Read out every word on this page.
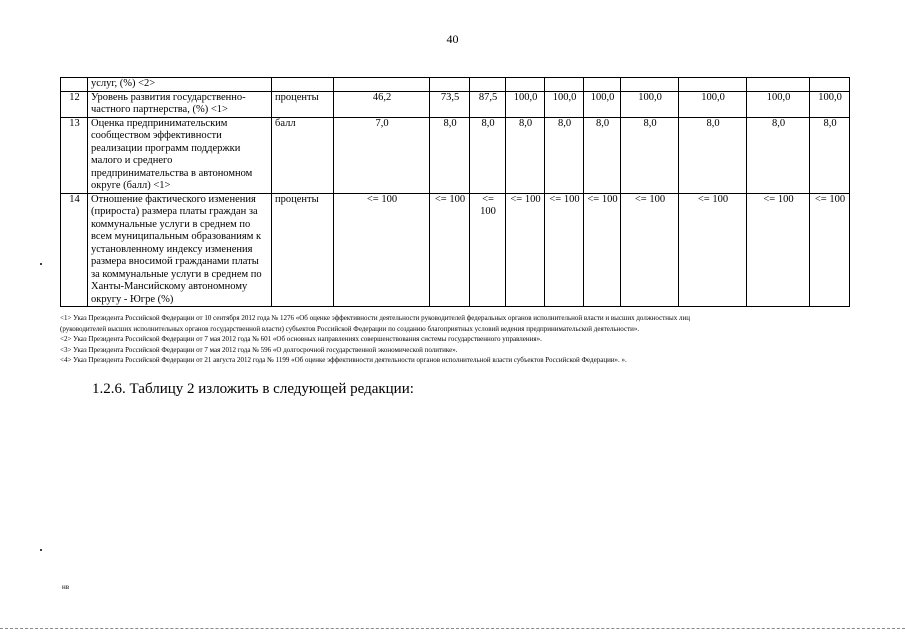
40
	услуг, (%) <2>											
12	Уровень развития государственно-частного партнерства, (%) <1>	проценты	46,2	73,5	87,5	100,0	100,0	100,0	100,0	100,0	100,0	100,0
13	Оценка предпринимательским сообществом эффективности реализации программ поддержки малого и среднего предпринимательства в автономном округе (балл) <1>	балл	7,0	8,0	8,0	8,0	8,0	8,0	8,0	8,0	8,0	8,0
14	Отношение фактического изменения (прироста) размера платы граждан за коммунальные услуги в среднем по всем муниципальным образованиям к установленному индексу изменения размера вносимой гражданами платы за коммунальные услуги в среднем по Ханты-Мансийскому автономному округу - Югре (%)	проценты	<= 100	<= 100	<= 100	<= 100	<= 100	<= 100	<= 100	<= 100	<= 100	<= 100
<1> Указ Президента Российской Федерации от 10 сентября 2012 года № 1276 «Об оценке эффективности деятельности руководителей федеральных органов исполнительной власти и высших должностных лиц
(руководителей высших исполнительных органов государственной власти) субъектов Российской Федерации по созданию благоприятных условий ведения предпринимательской деятельности».
<2> Указ Президента Российской Федерации от 7 мая 2012 года № 601 «Об основных направлениях совершенствования системы государственного управления».
<3> Указ Президента Российской Федерации от 7 мая 2012 года № 596 «О долгосрочной государственной экономической политике».
<4> Указ Президента Российской Федерации от 21 августа 2012 года № 1199 «Об оценке эффективности деятельности органов исполнительной власти субъектов Российской Федерации». ».
1.2.6. Таблицу 2 изложить в следующей редакции:
нв
